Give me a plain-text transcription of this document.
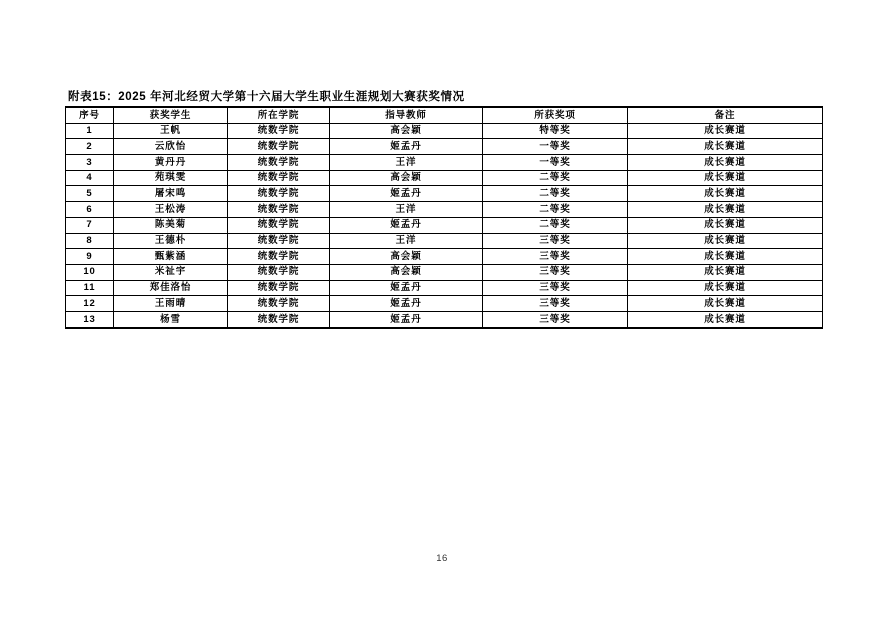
附表15：2025 年河北经贸大学第十六届大学生职业生涯规划大赛获奖情况
序号	获奖学生	所在学院	指导教师	所获奖项	备注
1	王帆	统数学院	高会颖	特等奖	成长赛道
2	云欣怡	统数学院	姬孟丹	一等奖	成长赛道
3	黄丹丹	统数学院	王洋	一等奖	成长赛道
4	苑琪雯	统数学院	高会颖	二等奖	成长赛道
5	屠宋鸣	统数学院	姬孟丹	二等奖	成长赛道
6	王松涛	统数学院	王洋	二等奖	成长赛道
7	陈美菊	统数学院	姬孟丹	二等奖	成长赛道
8	王德朴	统数学院	王洋	三等奖	成长赛道
9	甄紫涵	统数学院	高会颖	三等奖	成长赛道
10	米祉宇	统数学院	高会颖	三等奖	成长赛道
11	郑佳洛怡	统数学院	姬孟丹	三等奖	成长赛道
12	王雨晴	统数学院	姬孟丹	三等奖	成长赛道
13	杨雪	统数学院	姬孟丹	三等奖	成长赛道
16
